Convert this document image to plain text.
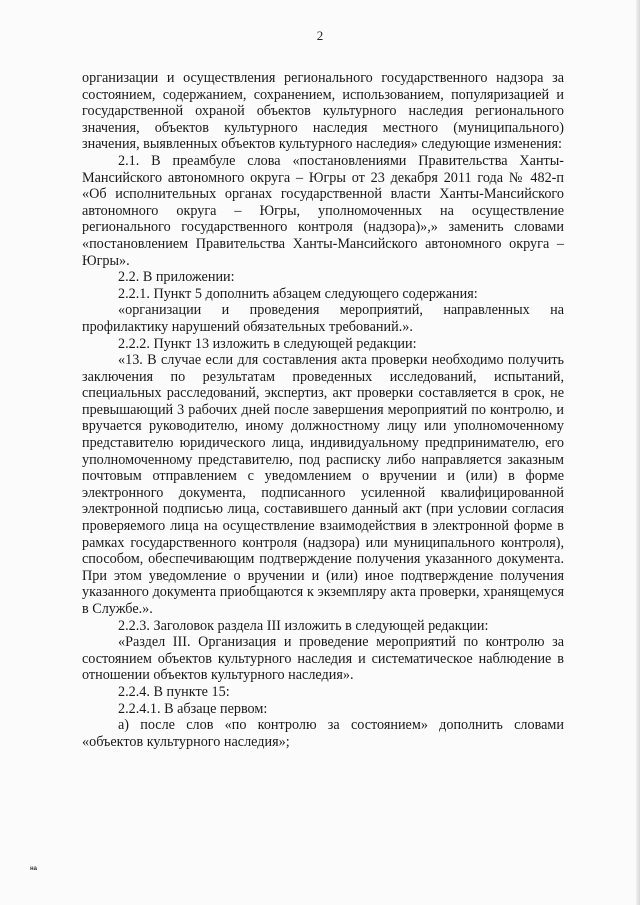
2

организации и осуществления регионального государственного надзора за состоянием, содержанием, сохранением, использованием, популяризацией и государственной охраной объектов культурного наследия регионального значения, объектов культурного наследия местного (муниципального) значения, выявленных объектов культурного наследия» следующие изменения:

2.1. В преамбуле слова «постановлениями Правительства Ханты-Мансийского автономного округа – Югры от 23 декабря 2011 года № 482-п «Об исполнительных органах государственной власти Ханты-Мансийского автономного округа – Югры, уполномоченных на осуществление регионального государственного контроля (надзора)»,» заменить словами «постановлением Правительства Ханты-Мансийского автономного округа – Югры».

2.2. В приложении:

2.2.1. Пункт 5 дополнить абзацем следующего содержания:

«организации и проведения мероприятий, направленных на профилактику нарушений обязательных требований.».

2.2.2. Пункт 13 изложить в следующей редакции:

«13. В случае если для составления акта проверки необходимо получить заключения по результатам проведенных исследований, испытаний, специальных расследований, экспертиз, акт проверки составляется в срок, не превышающий 3 рабочих дней после завершения мероприятий по контролю, и вручается руководителю, иному должностному лицу или уполномоченному представителю юридического лица, индивидуальному предпринимателю, его уполномоченному представителю, под расписку либо направляется заказным почтовым отправлением с уведомлением о вручении и (или) в форме электронного документа, подписанного усиленной квалифицированной электронной подписью лица, составившего данный акт (при условии согласия проверяемого лица на осуществление взаимодействия в электронной форме в рамках государственного контроля (надзора) или муниципального контроля), способом, обеспечивающим подтверждение получения указанного документа. При этом уведомление о вручении и (или) иное подтверждение получения указанного документа приобщаются к экземпляру акта проверки, хранящемуся в Службе.».

2.2.3. Заголовок раздела III изложить в следующей редакции:

«Раздел III. Организация и проведение мероприятий по контролю за состоянием объектов культурного наследия и систематическое наблюдение в отношении объектов культурного наследия».

2.2.4. В пункте 15:

2.2.4.1. В абзаце первом:

а) после слов «по контролю за состоянием» дополнить словами «объектов культурного наследия»;

на
